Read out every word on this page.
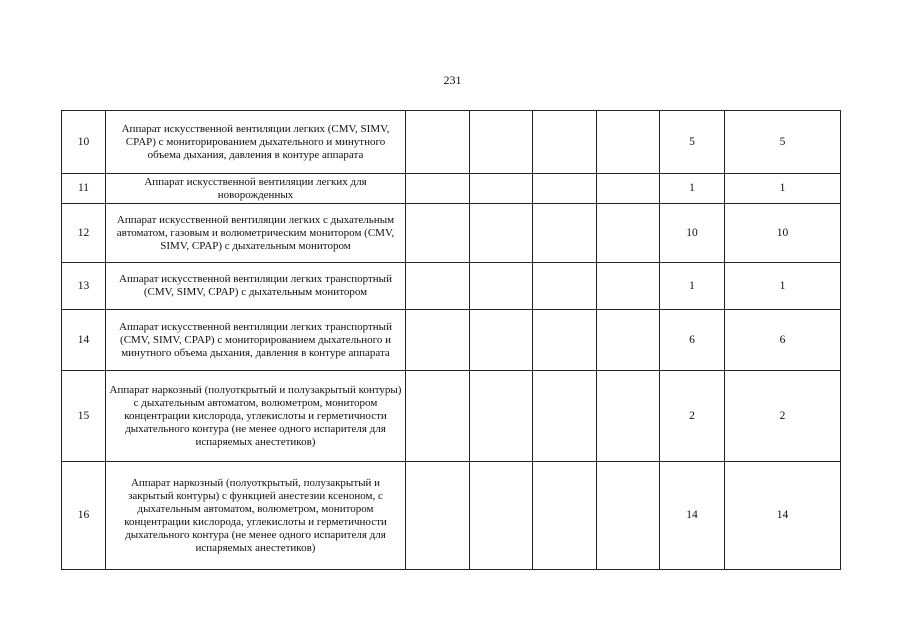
231
10	Аппарат искусственной вентиляции легких (CMV, SIMV, CPAP) с мониторированием дыхательного и минутного объема дыхания, давления в контуре аппарата					5	5
11	Аппарат искусственной вентиляции легких для новорожденных					1	1
12	Аппарат искусственной вентиляции легких с дыхательным автоматом, газовым и волюметрическим монитором (CMV, SIMV, CPAP) с дыхательным монитором					10	10
13	Аппарат искусственной вентиляции легких транспортный (CMV, SIMV, CPAP) с дыхательным монитором					1	1
14	Аппарат искусственной вентиляции легких транспортный (CMV, SIMV, CPAP) с мониторированием дыхательного и минутного объема дыхания, давления в контуре аппарата					6	6
15	Аппарат наркозный (полуоткрытый и полузакрытый контуры) с дыхательным автоматом, волюметром, монитором концентрации кислорода, углекислоты и герметичности дыхательного контура (не менее одного испарителя для испаряемых анестетиков)					2	2
16	Аппарат наркозный (полуоткрытый, полузакрытый и закрытый контуры) с функцией анестезии ксеноном, с дыхательным автоматом, волюметром, монитором концентрации кислорода, углекислоты и герметичности дыхательного контура (не менее одного испарителя для испаряемых анестетиков)					14	14
